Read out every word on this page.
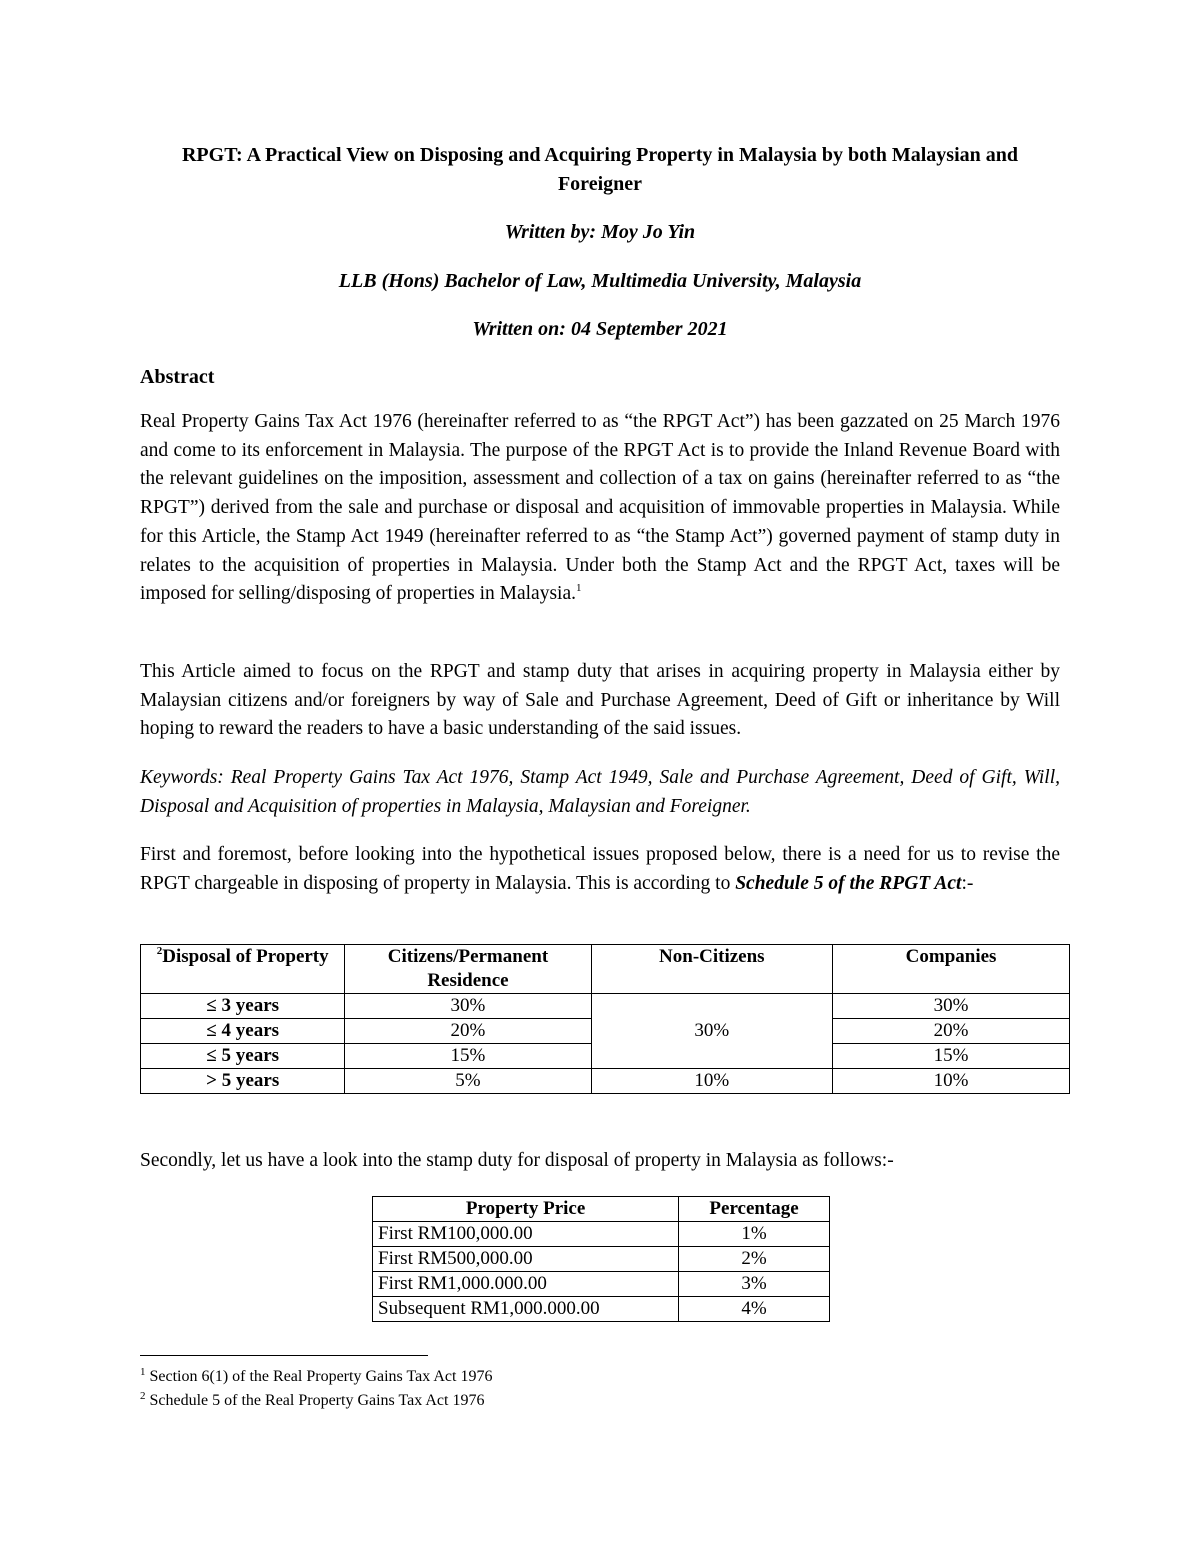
RPGT: A Practical View on Disposing and Acquiring Property in Malaysia by both Malaysian and Foreigner
Written by: Moy Jo Yin
LLB (Hons) Bachelor of Law, Multimedia University, Malaysia
Written on: 04 September 2021
Abstract

Real Property Gains Tax Act 1976 (hereinafter referred to as “the RPGT Act”) has been gazzated on 25 March 1976 and come to its enforcement in Malaysia. The purpose of the RPGT Act is to provide the Inland Revenue Board with the relevant guidelines on the imposition, assessment and collection of a tax on gains (hereinafter referred to as “the RPGT”) derived from the sale and purchase or disposal and acquisition of immovable properties in Malaysia. While for this Article, the Stamp Act 1949 (hereinafter referred to as “the Stamp Act”) governed payment of stamp duty in relates to the acquisition of properties in Malaysia. Under both the Stamp Act and the RPGT Act, taxes will be imposed for selling/disposing of properties in Malaysia.$^1$

This Article aimed to focus on the RPGT and stamp duty that arises in acquiring property in Malaysia either by Malaysian citizens and/or foreigners by way of Sale and Purchase Agreement, Deed of Gift or inheritance by Will hoping to reward the readers to have a basic understanding of the said issues.

Keywords: Real Property Gains Tax Act 1976, Stamp Act 1949, Sale and Purchase Agreement, Deed of Gift, Will, Disposal and Acquisition of properties in Malaysia, Malaysian and Foreigner.

First and foremost, before looking into the hypothetical issues proposed below, there is a need for us to revise the RPGT chargeable in disposing of property in Malaysia. This is according to Schedule 5 of the RPGT Act:-

$^2$Disposal of Property	Citizens/Permanent Residence	Non-Citizens	Companies
≤ 3 years	30%	30%	30%
≤ 4 years	20%		20%
≤ 5 years	15%		15%
> 5 years	5%	10%	10%

Secondly, let us have a look into the stamp duty for disposal of property in Malaysia as follows:-

Property Price	Percentage
First RM100,000.00	1%
First RM500,000.00	2%
First RM1,000.000.00	3%
Subsequent RM1,000.000.00	4%
$^1$ Section 6(1) of the Real Property Gains Tax Act 1976
$^2$ Schedule 5 of the Real Property Gains Tax Act 1976
